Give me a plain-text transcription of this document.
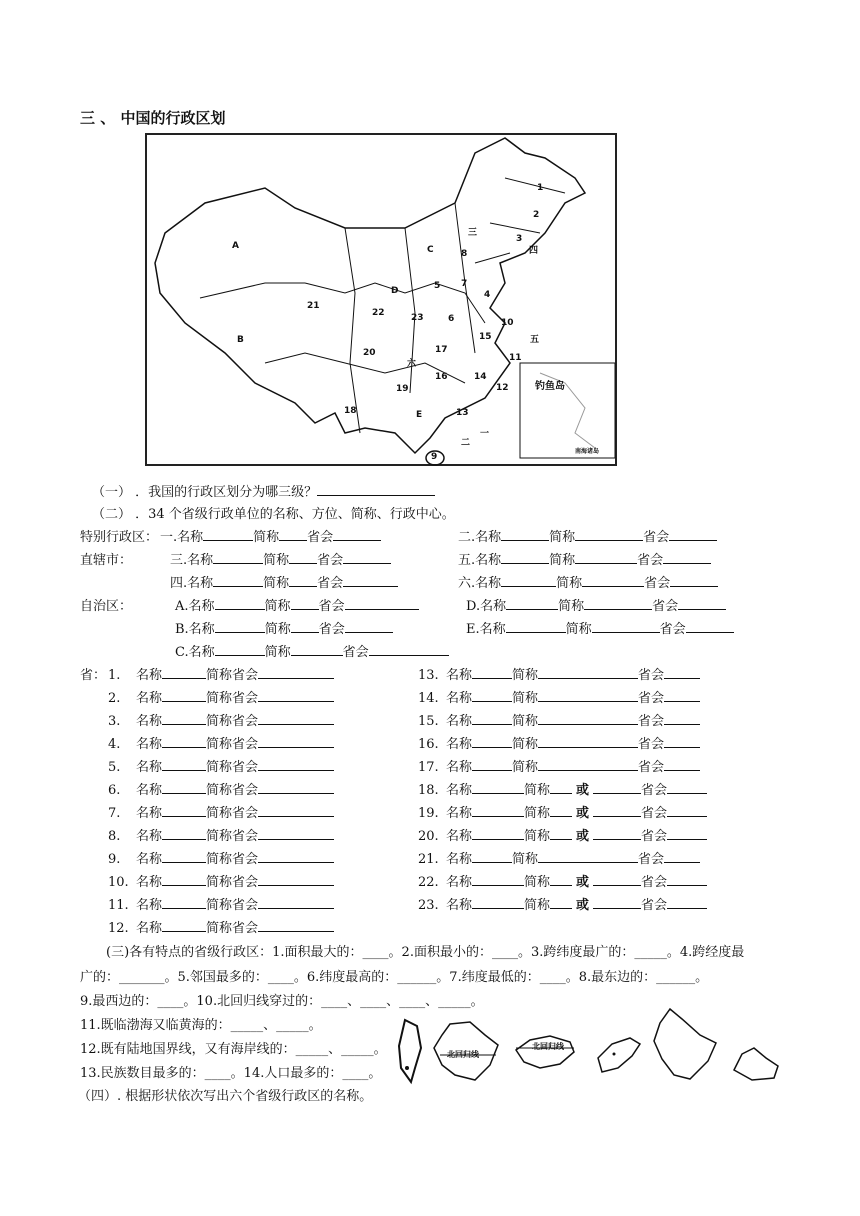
三 、 中国的行政区划
A
B
C
D
E
1
2
3
4
5
6
7
8
9
10
11
12
13
14
15
16
17
18
19
20
21
22	23
一
二
三
四
五
六
钓鱼岛
南海诸岛
（一） ．我国的行政区划分为哪三级？
（二） ．34 个省级行政单位的名称、方位、简称、行政中心。
特别行政区： 一.名称	简称 省会	二.名称	简称	省会
直辖市：	三.名称	简称 省会	五.名称	简称	省会
四.名称	简称 省会	六.名称	简称	省会
自治区：	A.名称	简称 省会	D.名称	简称	省会
B.名称	简称 省会	E.名称	简称	省会
C.名称	简称	省会
省： 1. 名称	简称省会
2. 名称	简称省会
3. 名称	简称省会
4. 名称	简称省会
5. 名称	简称省会
6. 名称	简称省会
7. 名称	简称省会
8. 名称	简称省会
9. 名称	简称省会
10. 名称	简称省会
11. 名称	简称省会
12. 名称	简称省会
13. 名称	简称	省会
14. 名称	简称	省会
15. 名称	简称	省会
16. 名称	简称	省会
17. 名称	简称	省会
18. 名称	简称 或	省会
19. 名称	简称 或	省会
20. 名称	简称 或	省会
21. 名称	简称	省会
22. 名称	简称 或	省会
23. 名称	简称 或	省会
(三)各有特点的省级行政区：1.面积最大的：____。2.面积最小的：____。3.跨纬度最广的：_____。4.跨经度最
广的：_______。5.邻国最多的：____。6.纬度最高的：______。7.纬度最低的：____。8.最东边的：______。
9.最西边的：____。10.北回归线穿过的：____、____、____、_____。
11.既临渤海又临黄海的：_____、_____。
12.既有陆地国界线，又有海岸线的：_____、_____。
13.民族数目最多的：____。14.人口最多的：____。
（四）. 根据形状依次写出六个省级行政区的名称。
北回归线
北回归线
